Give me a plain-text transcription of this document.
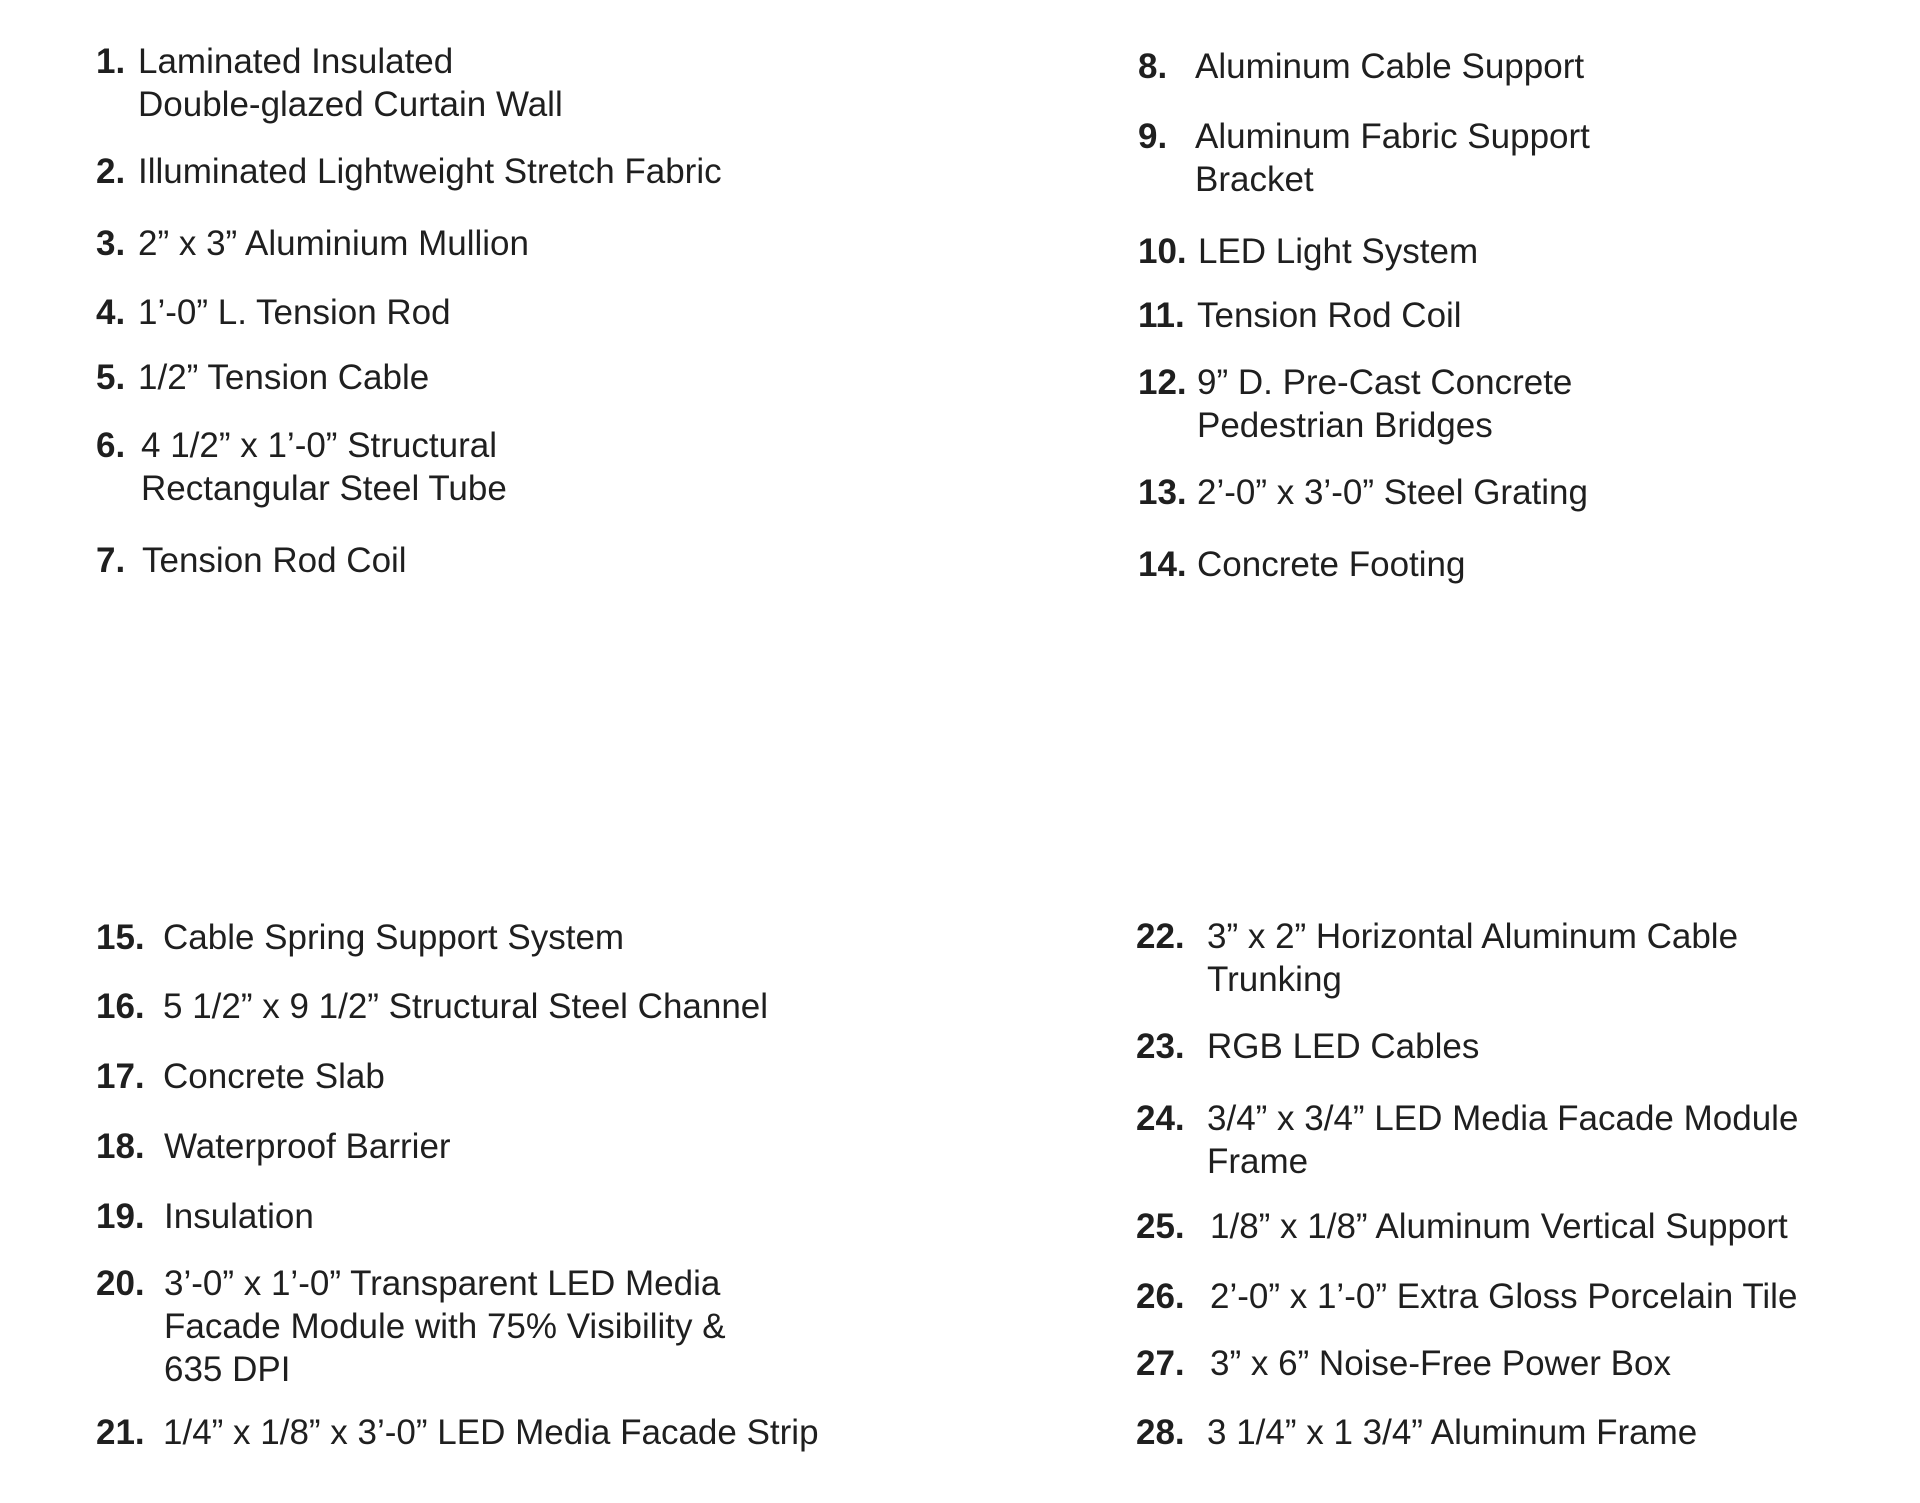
1. Laminated Insulated
Double-glazed Curtain Wall
2. Illuminated Lightweight Stretch Fabric
3. 2” x 3” Aluminium Mullion
4. 1’-0” L. Tension Rod
5. 1/2” Tension Cable
6. 4 1/2” x 1’-0” Structural
Rectangular Steel Tube
7. Tension Rod Coil
8. Aluminum Cable Support
9. Aluminum Fabric Support
Bracket
10. LED Light System
11. Tension Rod Coil
12. 9” D. Pre-Cast Concrete
Pedestrian Bridges
13. 2’-0” x 3’-0” Steel Grating
14. Concrete Footing
15. Cable Spring Support System
16. 5 1/2” x 9 1/2” Structural Steel Channel
17. Concrete Slab
18. Waterproof Barrier
19. Insulation
20. 3’-0” x 1’-0” Transparent LED Media
Facade Module with 75% Visibility &
635 DPI
21. 1/4” x 1/8” x 3’-0” LED Media Facade Strip
22. 3” x 2” Horizontal Aluminum Cable
Trunking
23. RGB LED Cables
24. 3/4” x 3/4” LED Media Facade Module
Frame
25. 1/8” x 1/8” Aluminum Vertical Support
26. 2’-0” x 1’-0” Extra Gloss Porcelain Tile
27. 3” x 6” Noise-Free Power Box
28. 3 1/4” x 1 3/4” Aluminum Frame
